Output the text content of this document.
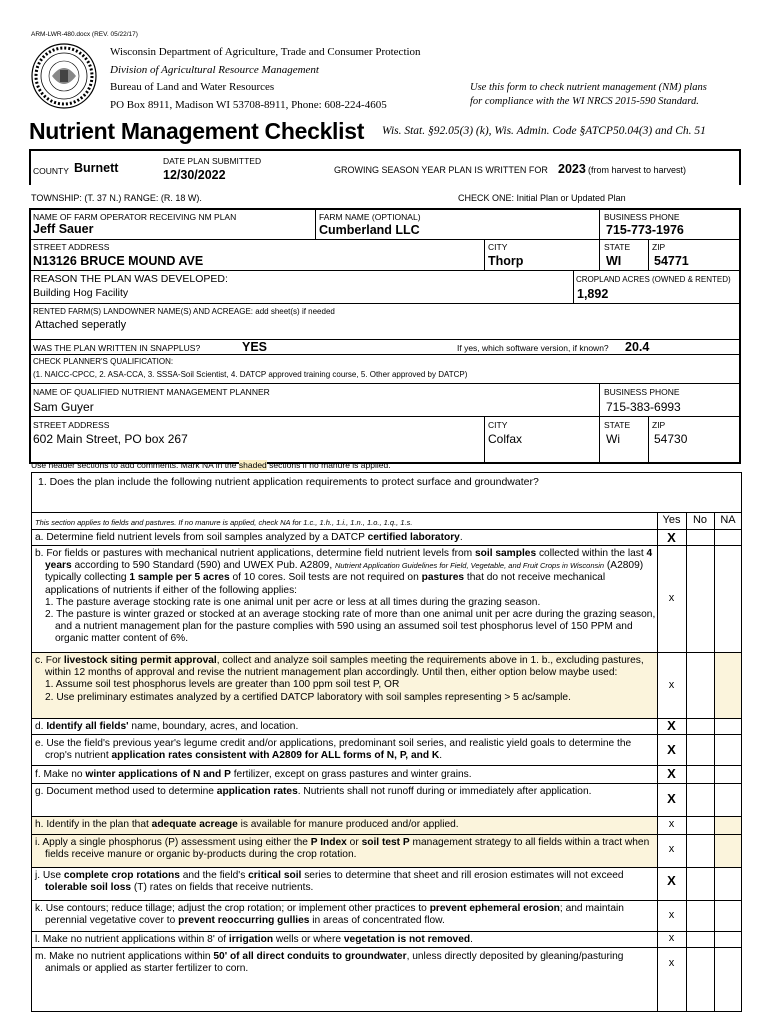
ARM-LWR-480.docx (REV. 05/22/17)
Wisconsin Department of Agriculture, Trade and Consumer Protection
Division of Agricultural Resource Management
Bureau of Land and Water Resources
PO Box 8911, Madison WI 53708-8911, Phone: 608-224-4605
Use this form to check nutrient management (NM) plans
for compliance with the WI NRCS 2015-590 Standard.
Nutrient Management Checklist Wis. Stat. §92.05(3) (k), Wis. Admin. Code §ATCP50.04(3) and Ch. 51
COUNTY Burnett	DATE PLAN SUBMITTED
12/30/2022	GROWING SEASON YEAR PLAN IS WRITTEN FOR 2023 (from harvest to harvest)
TOWNSHIP: (T. 37 N.) RANGE: (R. 18 W).	CHECK ONE: Initial Plan or Updated Plan
NAME OF FARM OPERATOR RECEIVING NM PLAN
Jeff Sauer
FARM NAME (OPTIONAL)
Cumberland LLC
BUSINESS PHONE
715-773-1976
STREET ADDRESS
N13126 BRUCE MOUND AVE
CITY
Thorp
STATE
WI
ZIP
54771
REASON THE PLAN WAS DEVELOPED:
Building Hog Facility
CROPLAND ACRES (OWNED & RENTED)
1,892
RENTED FARM(S) LANDOWNER NAME(S) AND ACREAGE: add sheet(s) if needed
Attached seperatly
WAS THE PLAN WRITTEN IN SNAPPLUS?	YES	If yes, which software version, if known? 20.4
CHECK PLANNER'S QUALIFICATION:
(1. NAICC-CPCC, 2. ASA-CCA, 3. SSSA-Soil Scientist, 4. DATCP approved training course, 5. Other approved by DATCP)
NAME OF QUALIFIED NUTRIENT MANAGEMENT PLANNER
Sam Guyer
BUSINESS PHONE
715-383-6993
STREET ADDRESS
602 Main Street, PO box 267
CITY
Colfax
STATE
Wi
ZIP
54730
Use header sections to add comments. Mark NA in the shaded sections if no manure is applied.
1. Does the plan include the following nutrient application requirements to protect surface and groundwater?
This section applies to fields and pastures. If no manure is applied, check NA for 1.c., 1.h., 1.i., 1.n., 1.o., 1.q., 1.s.	Yes	No	NA
a. Determine field nutrient levels from soil samples analyzed by a DATCP certified laboratory.	X
b. For fields or pastures with mechanical nutrient applications, determine field nutrient levels from soil samples collected within the last 4 years according to 590 Standard (590) and UWEX Pub. A2809, Nutrient Application Guidelines for Field, Vegetable, and Fruit Crops in Wisconsin (A2809) typically collecting 1 sample per 5 acres of 10 cores. Soil tests are not required on pastures that do not receive mechanical applications of nutrients if either of the following applies:
1. The pasture average stocking rate is one animal unit per acre or less at all times during the grazing season.
2. The pasture is winter grazed or stocked at an average stocking rate of more than one animal unit per acre during the grazing season, and a nutrient management plan for the pasture complies with 590 using an assumed soil test phosphorus level of 150 PPM and organic matter content of 6%.
x
c. For livestock siting permit approval, collect and analyze soil samples meeting the requirements above in 1. b., excluding pastures, within 12 months of approval and revise the nutrient management plan accordingly. Until then, either option below maybe used:
1. Assume soil test phosphorus levels are greater than 100 ppm soil test P, OR
2. Use preliminary estimates analyzed by a certified DATCP laboratory with soil samples representing > 5 ac/sample.
x
d. Identify all fields' name, boundary, acres, and location.	X
e. Use the field's previous year's legume credit and/or applications, predominant soil series, and realistic yield goals to determine the crop's nutrient application rates consistent with A2809 for ALL forms of N, P, and K.	X
f. Make no winter applications of N and P fertilizer, except on grass pastures and winter grains.	X
g. Document method used to determine application rates. Nutrients shall not runoff during or immediately after application.	X
h. Identify in the plan that adequate acreage is available for manure produced and/or applied.	x
i. Apply a single phosphorus (P) assessment using either the P Index or soil test P management strategy to all fields within a tract when fields receive manure or organic by-products during the crop rotation.	x
j. Use complete crop rotations and the field's critical soil series to determine that sheet and rill erosion estimates will not exceed tolerable soil loss (T) rates on fields that receive nutrients.	X
k. Use contours; reduce tillage; adjust the crop rotation; or implement other practices to prevent ephemeral erosion; and maintain perennial vegetative cover to prevent reoccurring gullies in areas of concentrated flow.	x
l. Make no nutrient applications within 8' of irrigation wells or where vegetation is not removed.	x
m. Make no nutrient applications within 50' of all direct conduits to groundwater, unless directly deposited by gleaning/pasturing animals or applied as starter fertilizer to corn.	x
